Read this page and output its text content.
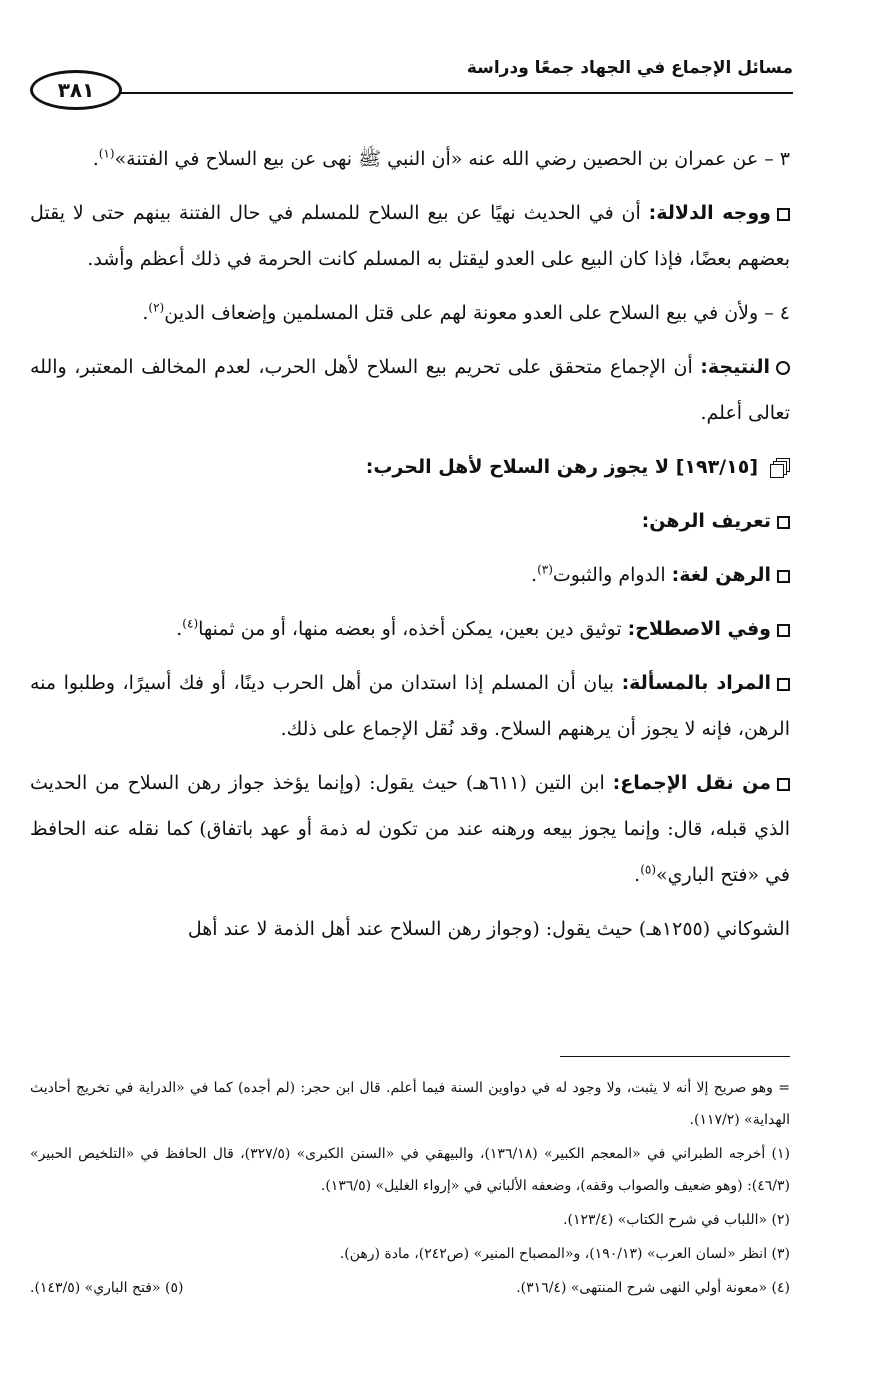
مسائل الإجماع في الجهاد جمعًا ودراسة
٣٨١

٣ – عن عمران بن الحصين رضي الله عنه «أن النبي ﷺ نهى عن بيع السلاح في الفتنة»$^{(١)}$.

ووجه الدلالة: أن في الحديث نهيًا عن بيع السلاح للمسلم في حال الفتنة بينهم حتى لا يقتل بعضهم بعضًا، فإذا كان البيع على العدو ليقتل به المسلم كانت الحرمة في ذلك أعظم وأشد.

٤ – ولأن في بيع السلاح على العدو معونة لهم على قتل المسلمين وإضعاف الدين$^{(٢)}$.

النتيجة: أن الإجماع متحقق على تحريم بيع السلاح لأهل الحرب، لعدم المخالف المعتبر، والله تعالى أعلم.

[١٩٣/١٥] لا يجوز رهن السلاح لأهل الحرب:

تعريف الرهن:

الرهن لغة: الدوام والثبوت$^{(٣)}$.

وفي الاصطلاح: توثيق دين بعين، يمكن أخذه، أو بعضه منها، أو من ثمنها$^{(٤)}$.

المراد بالمسألة: بيان أن المسلم إذا استدان من أهل الحرب دينًا، أو فك أسيرًا، وطلبوا منه الرهن، فإنه لا يجوز أن يرهنهم السلاح. وقد نُقل الإجماع على ذلك.

من نقل الإجماع: ابن التين (٦١١هـ) حيث يقول: (وإنما يؤخذ جواز رهن السلاح من الحديث الذي قبله، قال: وإنما يجوز بيعه ورهنه عند من تكون له ذمة أو عهد باتفاق) كما نقله عنه الحافظ في «فتح الباري»$^{(٥)}$.

الشوكاني (١٢٥٥هـ) حيث يقول: (وجواز رهن السلاح عند أهل الذمة لا عند أهل

= وهو صريح إلا أنه لا يثبت، ولا وجود له في دواوين السنة فيما أعلم. قال ابن حجر: (لم أجده) كما في «الدراية في تخريج أحاديث الهداية» (١١٧/٢).

(١) أخرجه الطبراني في «المعجم الكبير» (١٣٦/١٨)، والبيهقي في «السنن الكبرى» (٣٢٧/٥)، قال الحافظ في «التلخيص الحبير» (٤٦/٣): (وهو ضعيف والصواب وقفه)، وضعفه الألباني في «إرواء الغليل» (١٣٦/٥).

(٢) «اللباب في شرح الكتاب» (١٢٣/٤).

(٣) انظر «لسان العرب» (١٩٠/١٣)، و«المصباح المنير» (ص٢٤٢)، مادة (رهن).

(٤) «معونة أولي النهى شرح المنتهى» (٣١٦/٤).
(٥) «فتح الباري» (١٤٣/٥).
